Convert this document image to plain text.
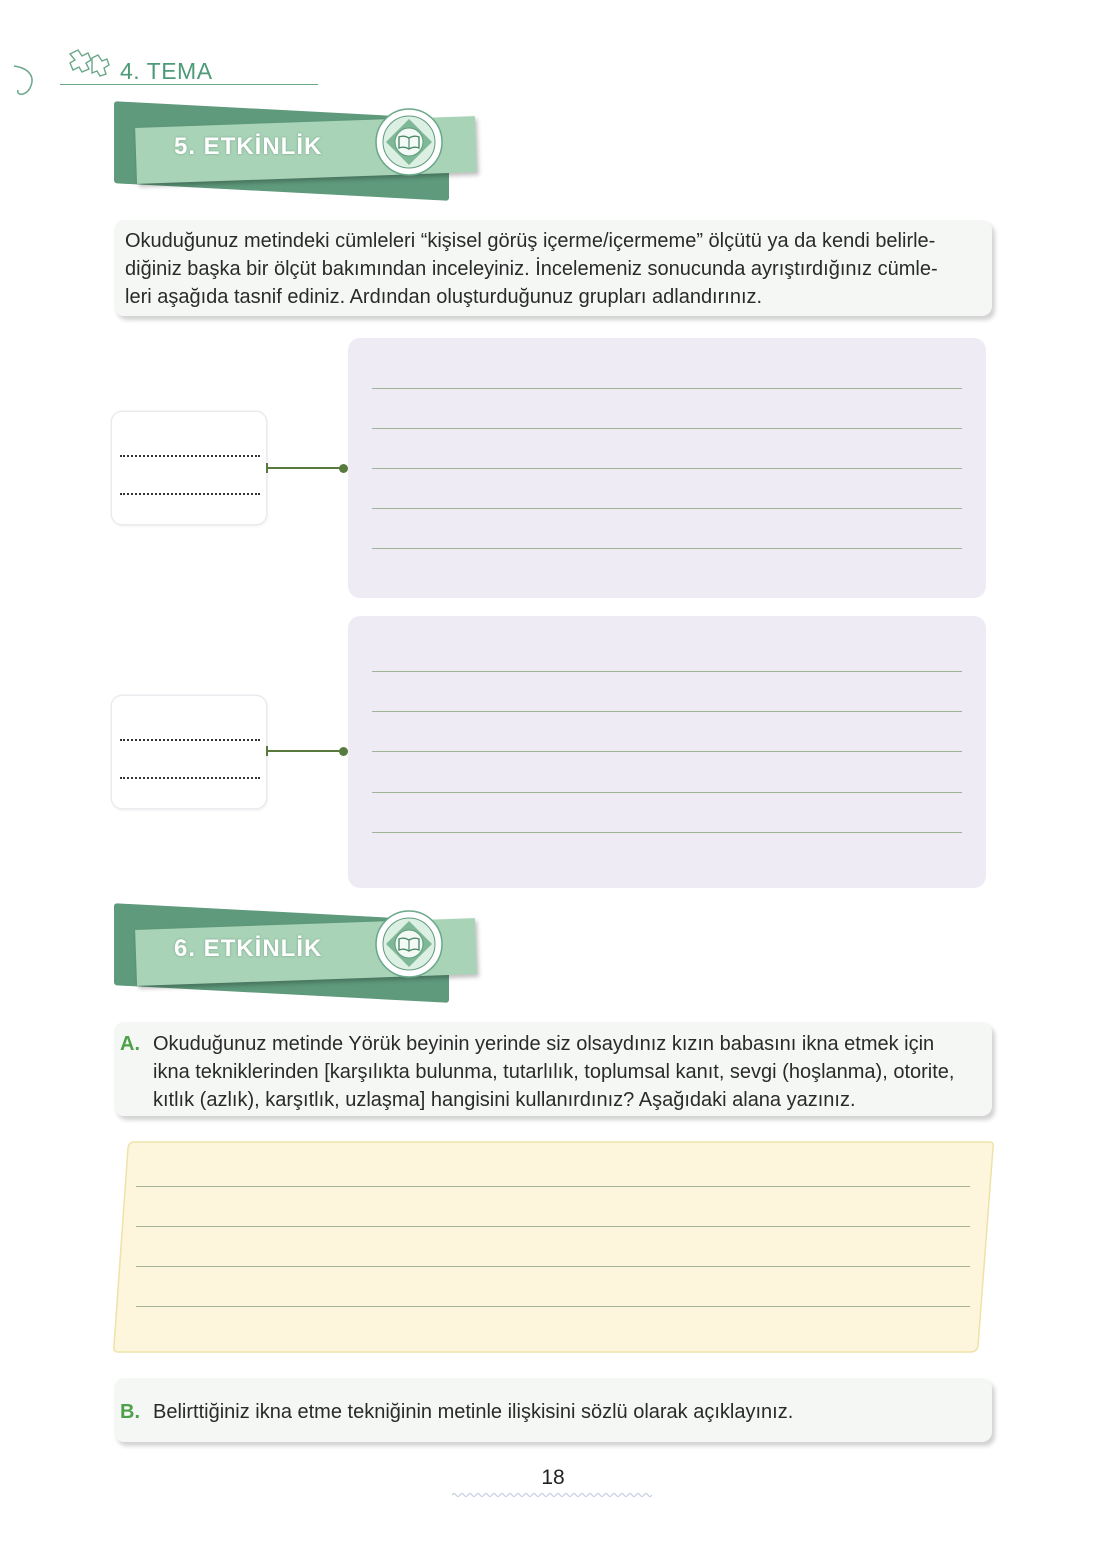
4. TEMA
5. ETKİNLİK
Okuduğunuz metindeki cümleleri “kişisel görüş içerme/içermeme” ölçütü ya da kendi belirle-
diğiniz başka bir ölçüt bakımından inceleyiniz. İncelemeniz sonucunda ayrıştırdığınız cümle-
leri aşağıda tasnif ediniz. Ardından oluşturduğunuz grupları adlandırınız.
6. ETKİNLİK
A. Okuduğunuz metinde Yörük beyinin yerinde siz olsaydınız kızın babasını ikna etmek için
ikna tekniklerinden [karşılıkta bulunma, tutarlılık, toplumsal kanıt, sevgi (hoşlanma), otorite,
kıtlık (azlık), karşıtlık, uzlaşma] hangisini kullanırdınız? Aşağıdaki alana yazınız.
B. Belirttiğiniz ikna etme tekniğinin metinle ilişkisini sözlü olarak açıklayınız.
18
